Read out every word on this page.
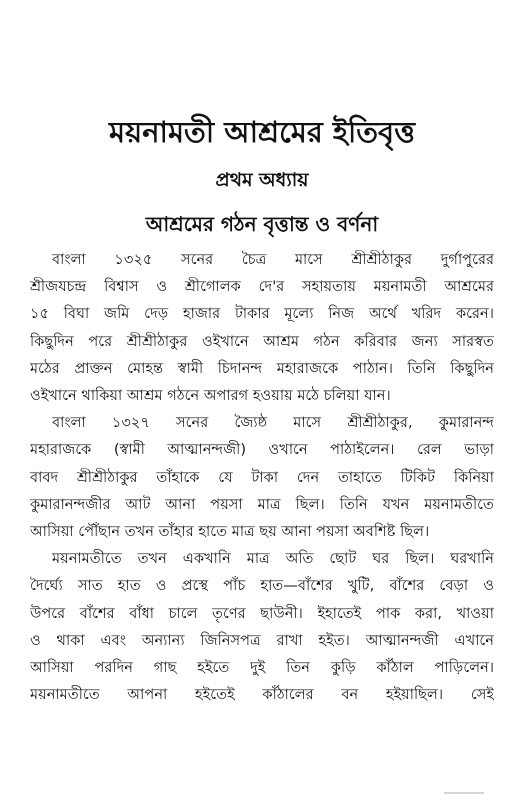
ময়নামতী আশ্রমের ইতিবৃত্ত
প্রথম অধ্যায়
আশ্রমের গঠন বৃত্তান্ত ও বর্ণনা

বাংলা ১৩২৫ সনের চৈত্র মাসে শ্রীশ্রীঠাকুর দুর্গাপুরের
শ্রীজযচন্দ্র বিশ্বাস ও শ্রীগোলক দে'র সহায়তায় ময়নামতী আশ্রমের
১৫ বিঘা জমি দেড় হাজার টাকার মূল্যে নিজ অর্থে খরিদ করেন।
কিছুদিন পরে শ্রীশ্রীঠাকুর ওইখানে আশ্রম গঠন করিবার জন্য সারস্বত
মঠের প্রাক্তন মোহন্ত স্বামী চিদানন্দ মহারাজকে পাঠান। তিনি কিছুদিন
ওইখানে থাকিয়া আশ্রম গঠনে অপারগ হওয়ায় মঠে চলিয়া যান।

বাংলা ১৩২৭ সনের জ্যৈষ্ঠ মাসে শ্রীশ্রীঠাকুর, কুমারানন্দ
মহারাজকে (স্বামী আত্মানন্দজী) ওখানে পাঠাইলেন। রেল ভাড়া
বাবদ শ্রীশ্রীঠাকুর তাঁহাকে যে টাকা দেন তাহাতে টিকিট কিনিয়া
কুমারানন্দজীর আট আনা পয়সা মাত্র ছিল। তিনি যখন ময়নামতীতে
আসিয়া পৌঁছান তখন তাঁহার হাতে মাত্র ছয় আনা পয়সা অবশিষ্ট ছিল।

ময়নামতীতে তখন একখানি মাত্র অতি ছোট ঘর ছিল। ঘরখানি
দৈর্ঘ্যে সাত হাত ও প্রস্থে পাঁচ হাত—বাঁশের খুটি, বাঁশের বেড়া ও
উপরে বাঁশের বাঁধা চালে তৃণের ছাউনী। ইহাতেই পাক করা, খাওয়া
ও থাকা এবং অন্যান্য জিনিসপত্র রাখা হইত। আত্মানন্দজী এখানে
আসিয়া পরদিন গাছ হইতে দুই তিন কুড়ি কাঁঠাল পাড়িলেন।
ময়নামতীতে আপনা হইতেই কাঁঠালের বন হইয়াছিল। সেই
